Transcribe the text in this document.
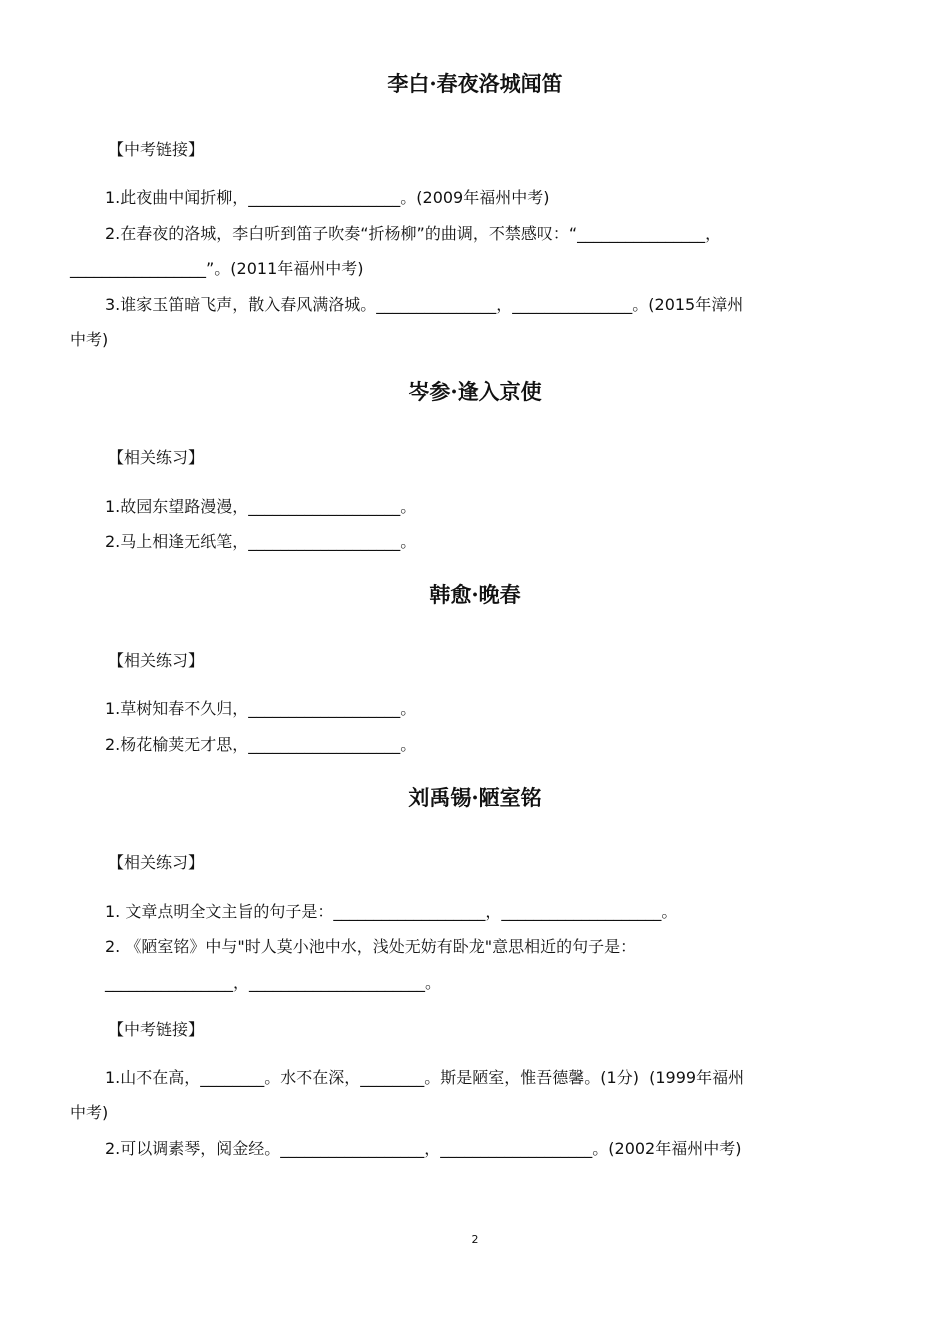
李白·春夜洛城闻笛

【中考链接】

1.此夜曲中闻折柳，___________________。(2009年福州中考)

2.在春夜的洛城，李白听到笛子吹奏“折杨柳”的曲调，不禁感叹：“________________，

_________________”。(2011年福州中考)

3.谁家玉笛暗飞声，散入春风满洛城。_______________，_______________。(2015年漳州

中考)

岑参·逢入京使

【相关练习】

1.故园东望路漫漫，___________________。

2.马上相逢无纸笔，___________________。

韩愈·晚春

【相关练习】

1.草树知春不久归，___________________。

2.杨花榆荚无才思，___________________。

刘禹锡·陋室铭

【相关练习】

1. 文章点明全文主旨的句子是：___________________，____________________。

2. 《陋室铭》中与"时人莫小池中水，浅处无妨有卧龙"意思相近的句子是：

________________，______________________。

【中考链接】

1.山不在高，________。水不在深，________。斯是陋室，惟吾德馨。(1分)  (1999年福州

中考)

2.可以调素琴，阅金经。__________________，___________________。(2002年福州中考)

2
